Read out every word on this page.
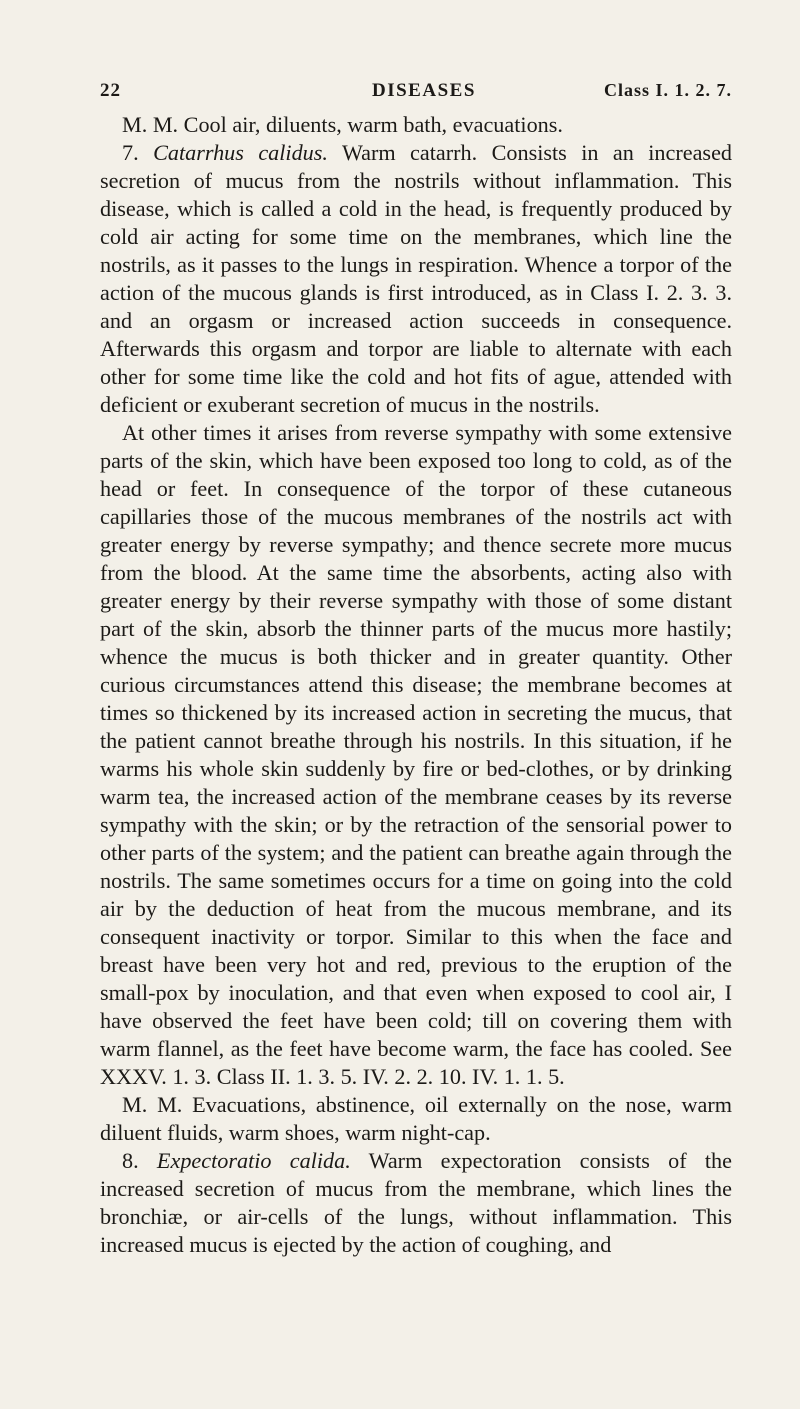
22	DISEASES	Class I. 1. 2. 7.

M. M. Cool air, diluents, warm bath, evacuations.

7. Catarrhus calidus. Warm catarrh. Consists in an increased secretion of mucus from the nostrils without inflammation. This disease, which is called a cold in the head, is frequently produced by cold air acting for some time on the membranes, which line the nostrils, as it passes to the lungs in respiration. Whence a torpor of the action of the mucous glands is first introduced, as in Class I. 2. 3. 3. and an orgasm or increased action succeeds in consequence. Afterwards this orgasm and torpor are liable to alternate with each other for some time like the cold and hot fits of ague, attended with deficient or exuberant secretion of mucus in the nostrils.

At other times it arises from reverse sympathy with some extensive parts of the skin, which have been exposed too long to cold, as of the head or feet. In consequence of the torpor of these cutaneous capillaries those of the mucous membranes of the nostrils act with greater energy by reverse sympathy; and thence secrete more mucus from the blood. At the same time the absorbents, acting also with greater energy by their reverse sympathy with those of some distant part of the skin, absorb the thinner parts of the mucus more hastily; whence the mucus is both thicker and in greater quantity. Other curious circumstances attend this disease; the membrane becomes at times so thickened by its increased action in secreting the mucus, that the patient cannot breathe through his nostrils. In this situation, if he warms his whole skin suddenly by fire or bed-clothes, or by drinking warm tea, the increased action of the membrane ceases by its reverse sympathy with the skin; or by the retraction of the sensorial power to other parts of the system; and the patient can breathe again through the nostrils. The same sometimes occurs for a time on going into the cold air by the deduction of heat from the mucous membrane, and its consequent inactivity or torpor. Similar to this when the face and breast have been very hot and red, previous to the eruption of the small-pox by inoculation, and that even when exposed to cool air, I have observed the feet have been cold; till on covering them with warm flannel, as the feet have become warm, the face has cooled. See XXXV. 1. 3. Class II. 1. 3. 5. IV. 2. 2. 10. IV. 1. 1. 5.

M. M. Evacuations, abstinence, oil externally on the nose, warm diluent fluids, warm shoes, warm night-cap.

8. Expectoratio calida. Warm expectoration consists of the increased secretion of mucus from the membrane, which lines the bronchiæ, or air-cells of the lungs, without inflammation. This increased mucus is ejected by the action of coughing, and
